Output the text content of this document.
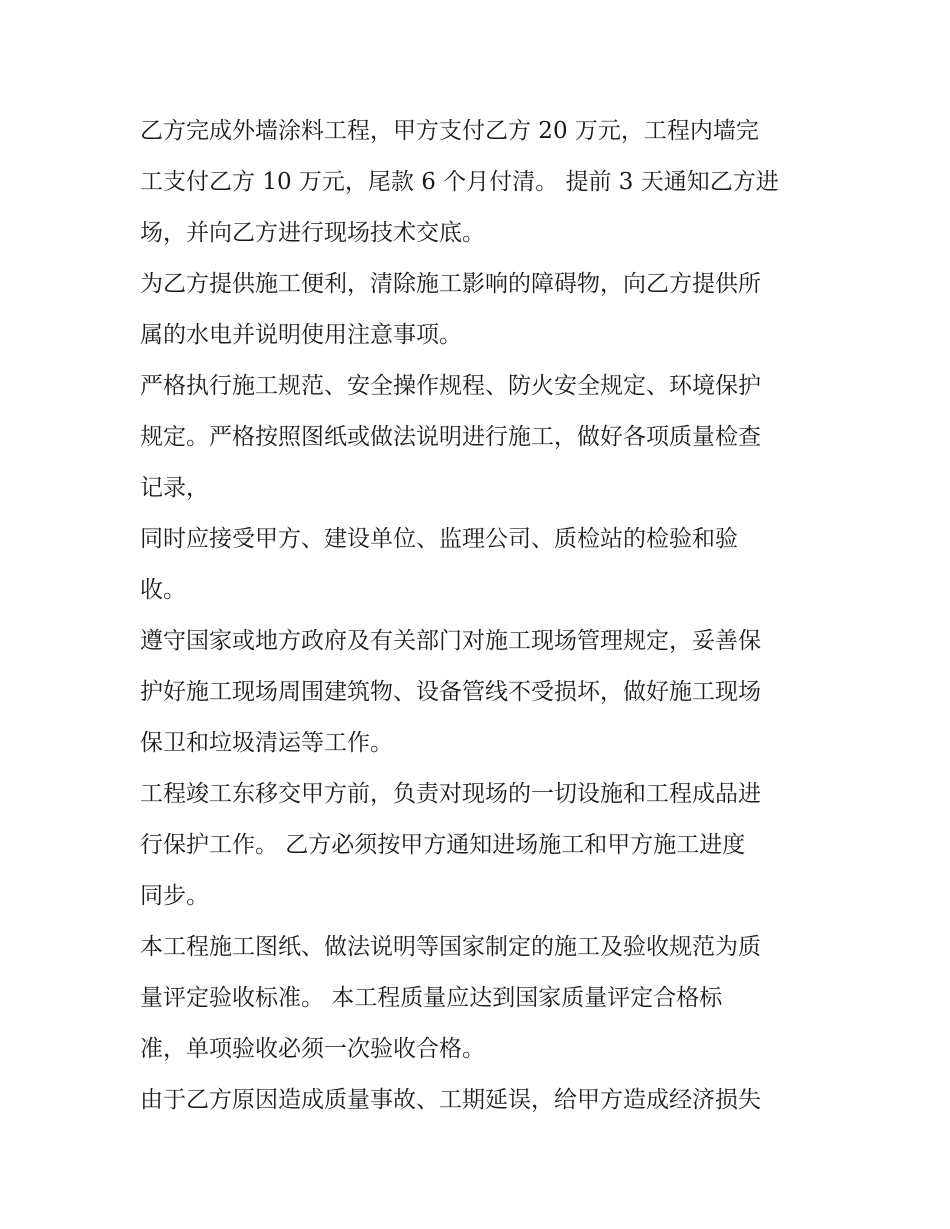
乙方完成外墙涂料工程，甲方支付乙方 20 万元，工程内墙完
工支付乙方 10 万元，尾款 6 个月付清。 提前 3 天通知乙方进
场，并向乙方进行现场技术交底。
为乙方提供施工便利，清除施工影响的障碍物，向乙方提供所
属的水电并说明使用注意事项。
严格执行施工规范、安全操作规程、防火安全规定、环境保护
规定。严格按照图纸或做法说明进行施工，做好各项质量检查
记录，
同时应接受甲方、建设单位、监理公司、质检站的检验和验
收。
遵守国家或地方政府及有关部门对施工现场管理规定，妥善保
护好施工现场周围建筑物、设备管线不受损坏，做好施工现场
保卫和垃圾清运等工作。
工程竣工东移交甲方前，负责对现场的一切设施和工程成品进
行保护工作。 乙方必须按甲方通知进场施工和甲方施工进度
同步。
本工程施工图纸、做法说明等国家制定的施工及验收规范为质
量评定验收标准。 本工程质量应达到国家质量评定合格标
准，单项验收必须一次验收合格。
由于乙方原因造成质量事故、工期延误，给甲方造成经济损失
